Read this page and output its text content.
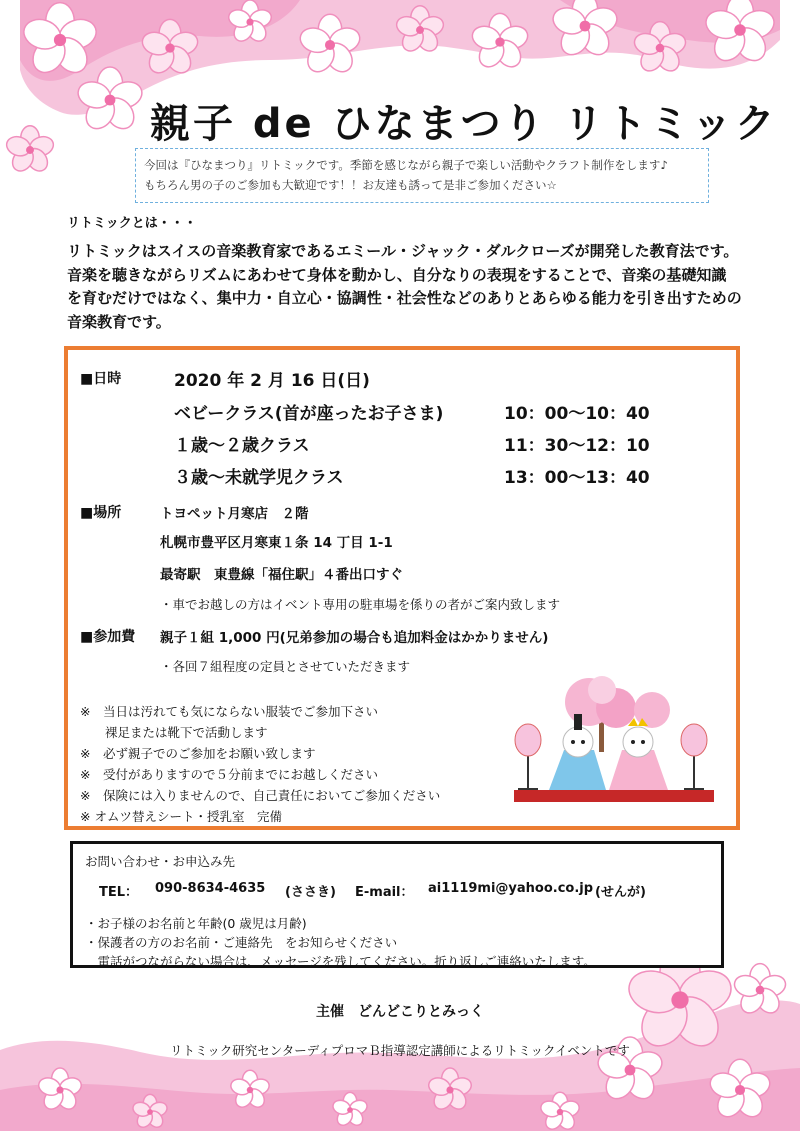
親子 de ひなまつり リトミック
今回は『ひなまつり』リトミックです。季節を感じながら親子で楽しい活動やクラフト制作をします♪
もちろん男の子のご参加も大歓迎です！！お友達も誘って是非ご参加ください☆
リトミックとは・・・
リトミックはスイスの音楽教育家であるエミール・ジャック・ダルクローズが開発した教育法です。
音楽を聴きながらリズムにあわせて身体を動かし、自分なりの表現をすることで、音楽の基礎知識
を育むだけではなく、集中力・自立心・協調性・社会性などのありとあらゆる能力を引き出すための
音楽教育です。
■日時	2020 年 2 月 16 日(日)
ベビークラス(首が座ったお子さま)	10：00～10：40
１歳～２歳クラス	11：30～12：10
３歳～未就学児クラス	13：00～13：40
■場所	トヨペット月寒店　２階
札幌市豊平区月寒東１条 14 丁目 1-1
最寄駅　東豊線「福住駅」４番出口すぐ
・車でお越しの方はイベント専用の駐車場を係りの者がご案内致します
■参加費 親子１組 1,000 円(兄弟参加の場合も追加料金はかかりません)
・各回７組程度の定員とさせていただきます
※　当日は汚れても気にならない服装でご参加下さい
　　裸足または靴下で活動します
※　必ず親子でのご参加をお願い致します
※　受付がありますので５分前までにお越しください
※　保険には入りませんので、自己責任においてご参加ください
※ オムツ替えシート・授乳室　完備
お問い合わせ・お申込み先
TEL： 090-8634-4635 (ささき) E-mail： ai1119mi@yahoo.co.jp (せんが)
・お子様のお名前と年齢(0 歳児は月齢)
・保護者の方のお名前・ご連絡先　をお知らせください
　電話がつながらない場合は、メッセージを残してください。折り返しご連絡いたします。
主催　どんどこりとみっく
リトミック研究センターディプロマＢ指導認定講師によるリトミックイベントです
